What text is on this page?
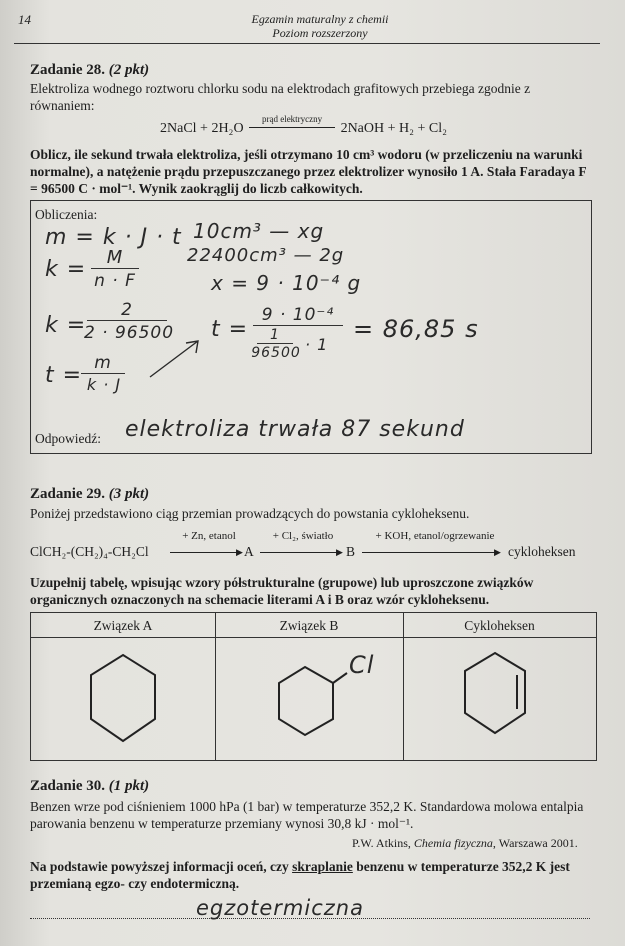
14	Egzamin maturalny z chemii
Poziom rozszerzony
Zadanie 28. (2 pkt)
Elektroliza wodnego roztworu chlorku sodu na elektrodach grafitowych przebiega zgodnie z równaniem:
2NaCl + 2H₂O
prąd elektryczny
2NaOH + H₂ + Cl₂
Oblicz, ile sekund trwała elektroliza, jeśli otrzymano 10 cm³ wodoru (w przeliczeniu na warunki normalne), a natężenie prądu przepuszczanego przez elektrolizer wynosiło 1 A. Stała Faradaya F = 96500 C · mol⁻¹. Wynik zaokrąglij do liczb całkowitych.
Obliczenia:
m = k · J · t
k =	M
n · F
k =
2
2 · 96500
t = m
k · J
10cm³ — xg
22400cm³ — 2g
x = 9 · 10⁻⁴ g
t =
9 · 10⁻⁴
1
96500 · 1
= 86,85 s
Odpowiedź: elektroliza trwała 87 sekund
Zadanie 29. (3 pkt)
Poniżej przedstawiono ciąg przemian prowadzących do powstania cykloheksenu.
ClCH₂-(CH₂)₄-CH₂Cl
+ Zn, etanol
▶ A
+ Cl₂, światło
▶ B
+ KOH, etanol/ogrzewanie
▶ cykloheksen
Uzupełnij tabelę, wpisując wzory półstrukturalne (grupowe) lub uproszczone związków organicznych oznaczonych na schemacie literami A i B oraz wzór cykloheksenu.
Związek A	Związek B	Cykloheksen
Cl
Zadanie 30. (1 pkt)
Benzen wrze pod ciśnieniem 1000 hPa (1 bar) w temperaturze 352,2 K. Standardowa molowa entalpia parowania benzenu w temperaturze przemiany wynosi 30,8 kJ · mol⁻¹.
P.W. Atkins, Chemia fizyczna, Warszawa 2001.
Na podstawie powyższej informacji oceń, czy skraplanie benzenu w temperaturze 352,2 K jest przemianą egzo- czy endotermiczną.
egzotermiczna
